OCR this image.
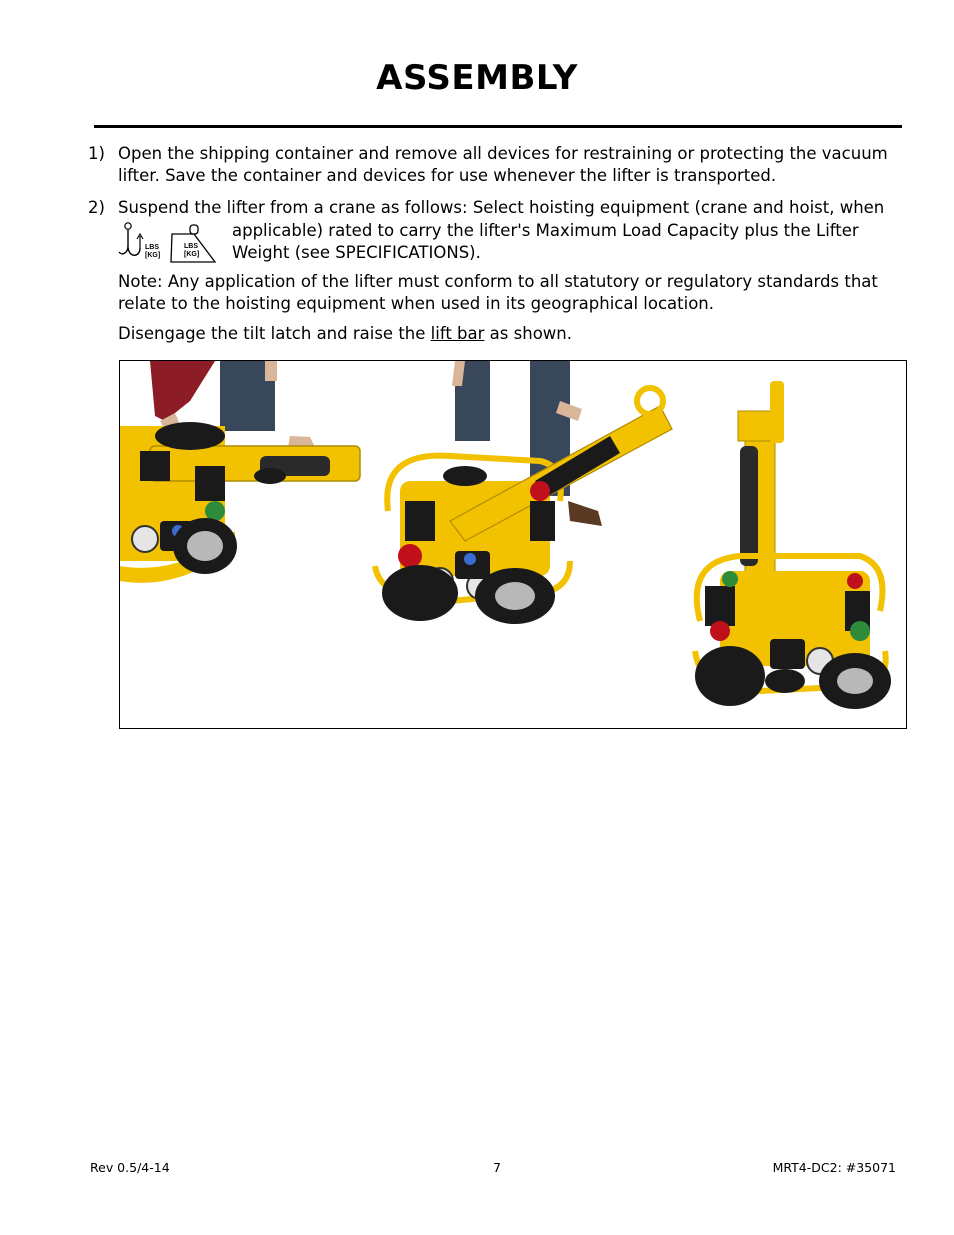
ASSEMBLY
1) Open the shipping container and remove all devices for restraining or protecting the vacuum lifter. Save the container and devices for use whenever the lifter is transported.
2) Suspend the lifter from a crane as follows: Select hoisting equipment (crane and hoist, when
LBS
[KG]
LBS
[KG]
applicable) rated to carry the lifter's Maximum Load Capacity plus the Lifter
Weight (see SPECIFICATIONS).
Note: Any application of the lifter must conform to all statutory or regulatory standards that relate to the hoisting equipment when used in its geographical location.
Disengage the tilt latch and raise the lift bar as shown.
Rev 0.5/4-14	7	MRT4-DC2: #35071
